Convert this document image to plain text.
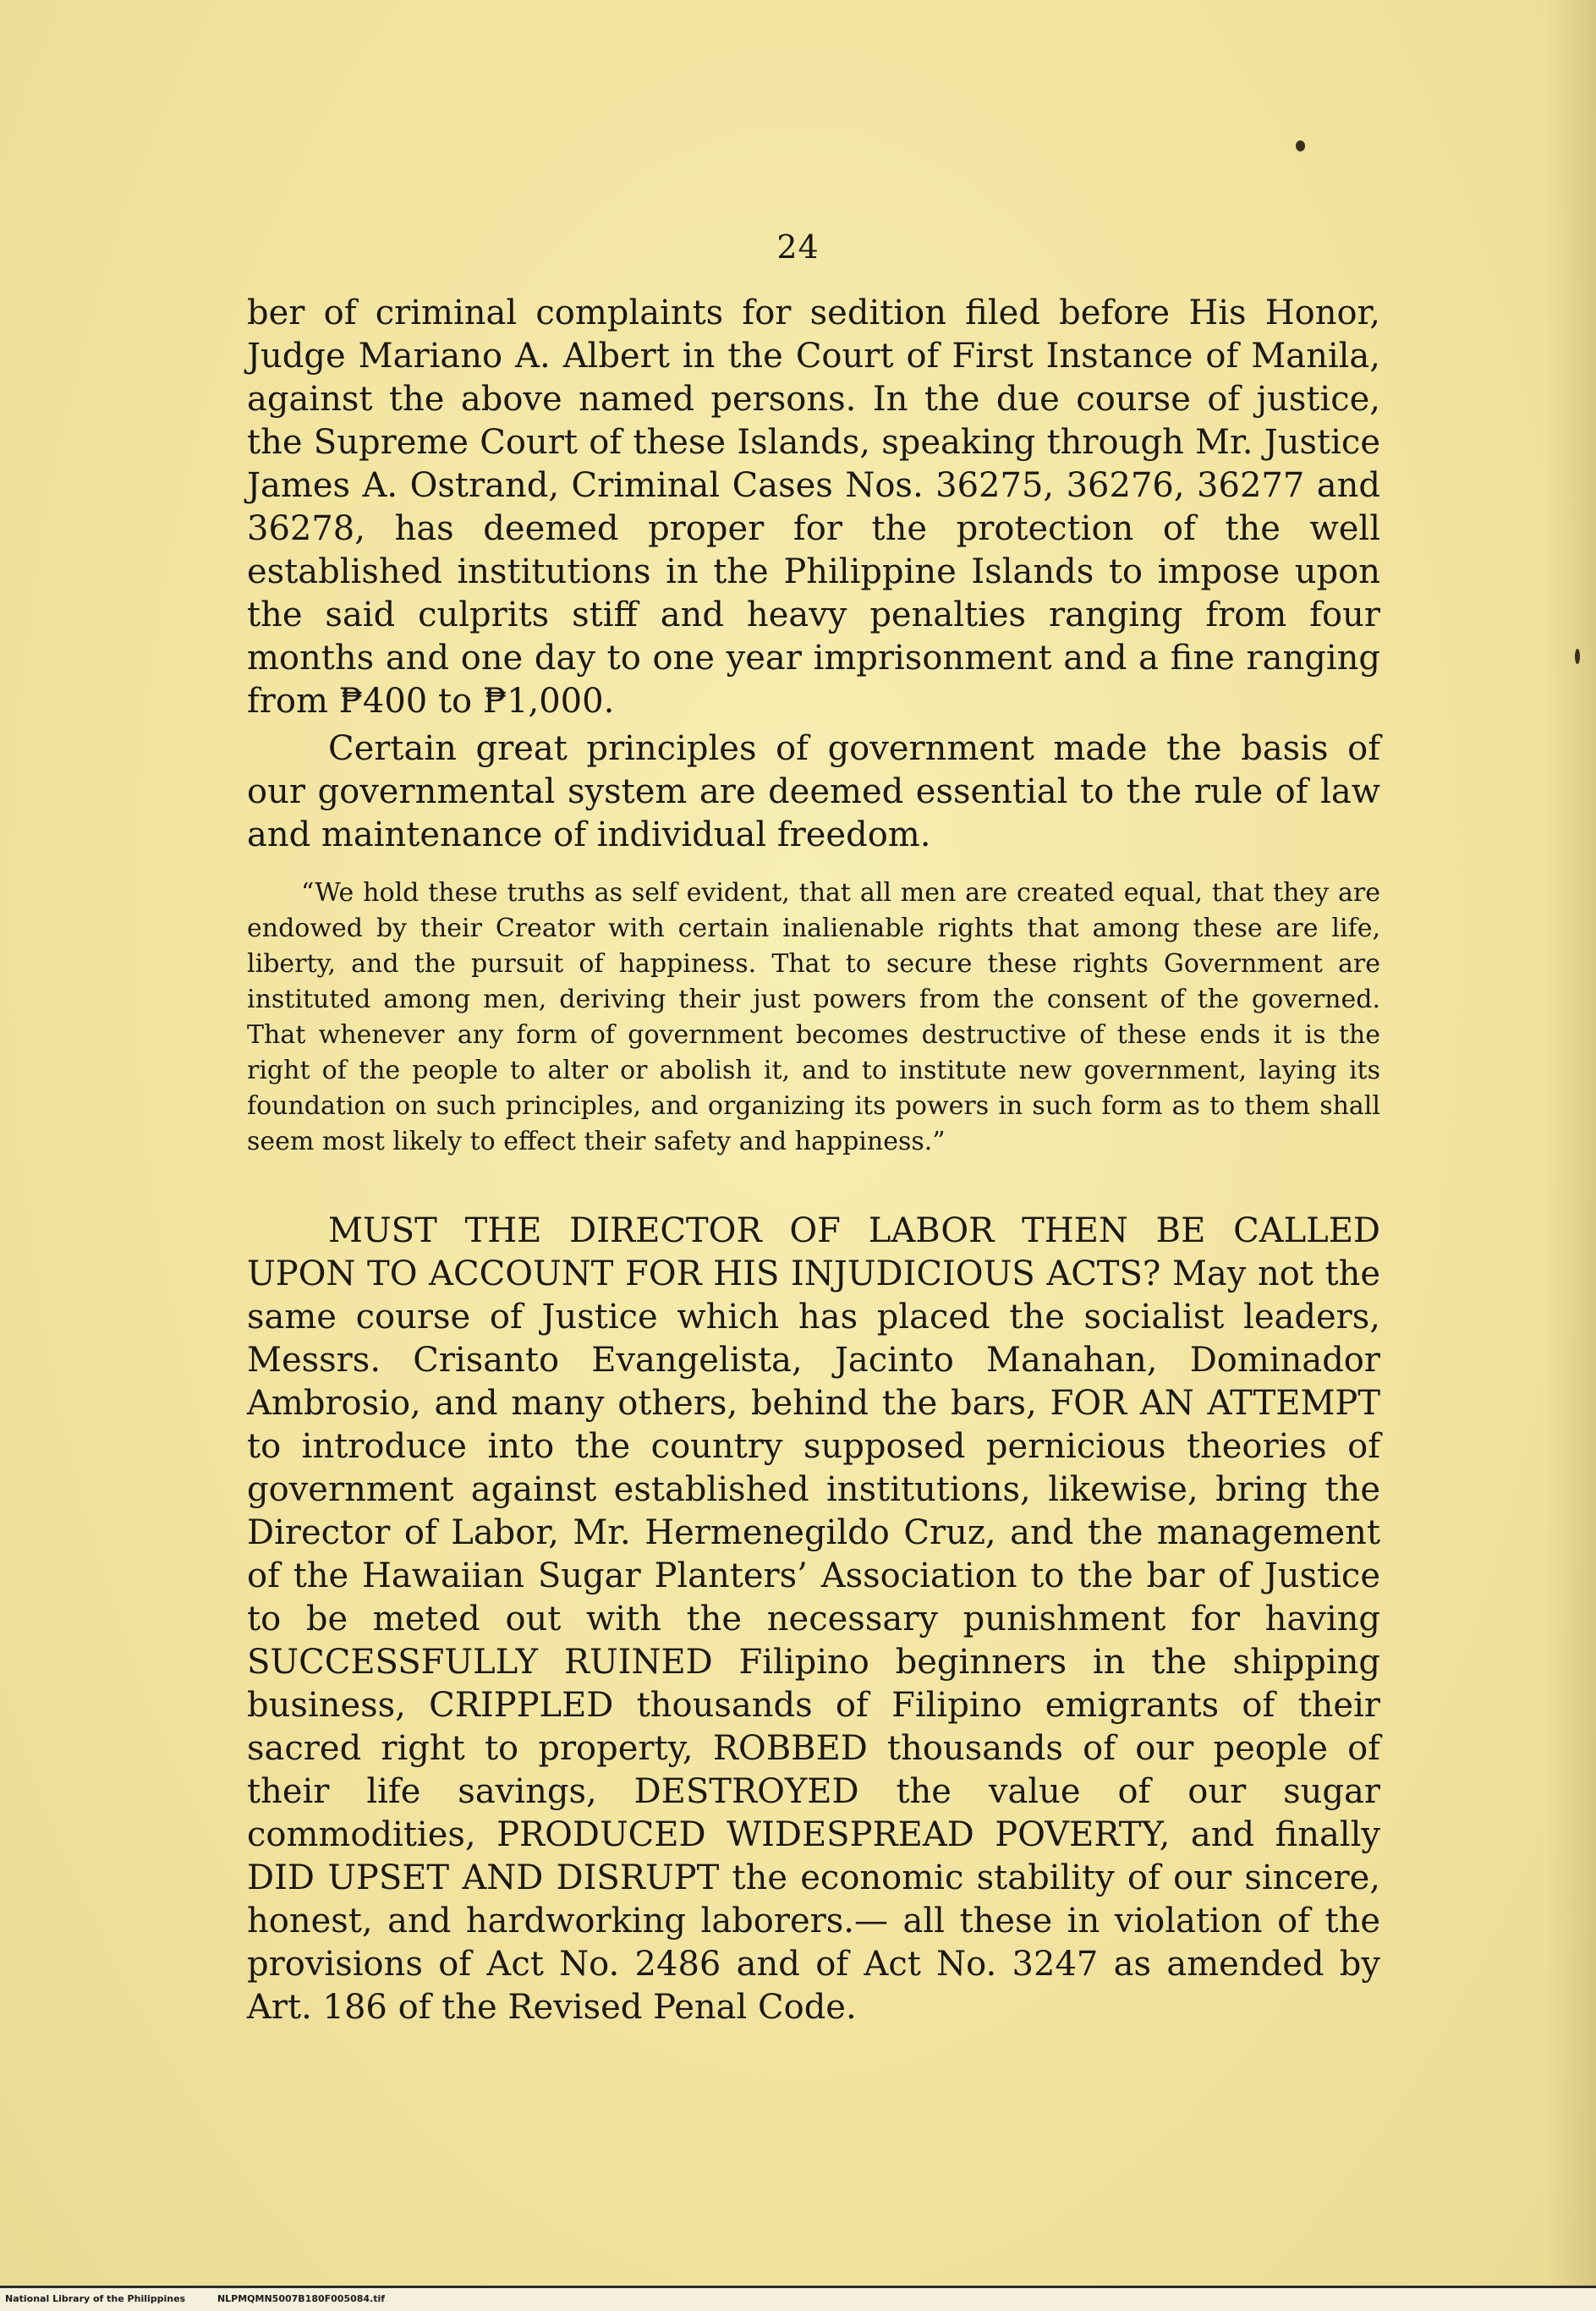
24

ber of criminal complaints for sedition filed before His Honor, Judge Mariano A. Albert in the Court of First Instance of Manila, against the above named persons. In the due course of justice, the Supreme Court of these Islands, speaking through Mr. Justice James A. Ostrand, Criminal Cases Nos. 36275, 36276, 36277 and 36278, has deemed proper for the protection of the well established institutions in the Philippine Islands to impose upon the said culprits stiff and heavy penalties ranging from four months and one day to one year imprisonment and a fine ranging from ₱400 to ₱1,000.

Certain great principles of government made the basis of our governmental system are deemed essential to the rule of law and maintenance of individual freedom.

“We hold these truths as self evident, that all men are created equal, that they are endowed by their Creator with certain inalienable rights that among these are life, liberty, and the pursuit of happiness. That to secure these rights Government are instituted among men, deriving their just powers from the consent of the governed. That whenever any form of government becomes destructive of these ends it is the right of the people to alter or abolish it, and to institute new government, laying its foundation on such principles, and organizing its powers in such form as to them shall seem most likely to effect their safety and happiness.”

MUST THE DIRECTOR OF LABOR THEN BE CALLED UPON TO ACCOUNT FOR HIS INJUDICIOUS ACTS? May not the same course of Justice which has placed the socialist leaders, Messrs. Crisanto Evangelista, Jacinto Manahan, Dominador Ambrosio, and many others, behind the bars, FOR AN ATTEMPT to introduce into the country supposed pernicious theories of government against established institutions, likewise, bring the Director of Labor, Mr. Hermenegildo Cruz, and the management of the Hawaiian Sugar Planters’ Association to the bar of Justice to be meted out with the necessary punishment for having SUCCESSFULLY RUINED Filipino beginners in the shipping business, CRIPPLED thousands of Filipino emigrants of their sacred right to property, ROBBED thousands of our people of their life savings, DESTROYED the value of our sugar commodities, PRODUCED WIDESPREAD POVERTY, and finally DID UPSET AND DISRUPT the economic stability of our sincere, honest, and hardworking laborers.— all these in violation of the provisions of Act No. 2486 and of Act No. 3247 as amended by Art. 186 of the Revised Penal Code.

National Library of the Philippines	NLPMQMN5007B180F005084.tif
